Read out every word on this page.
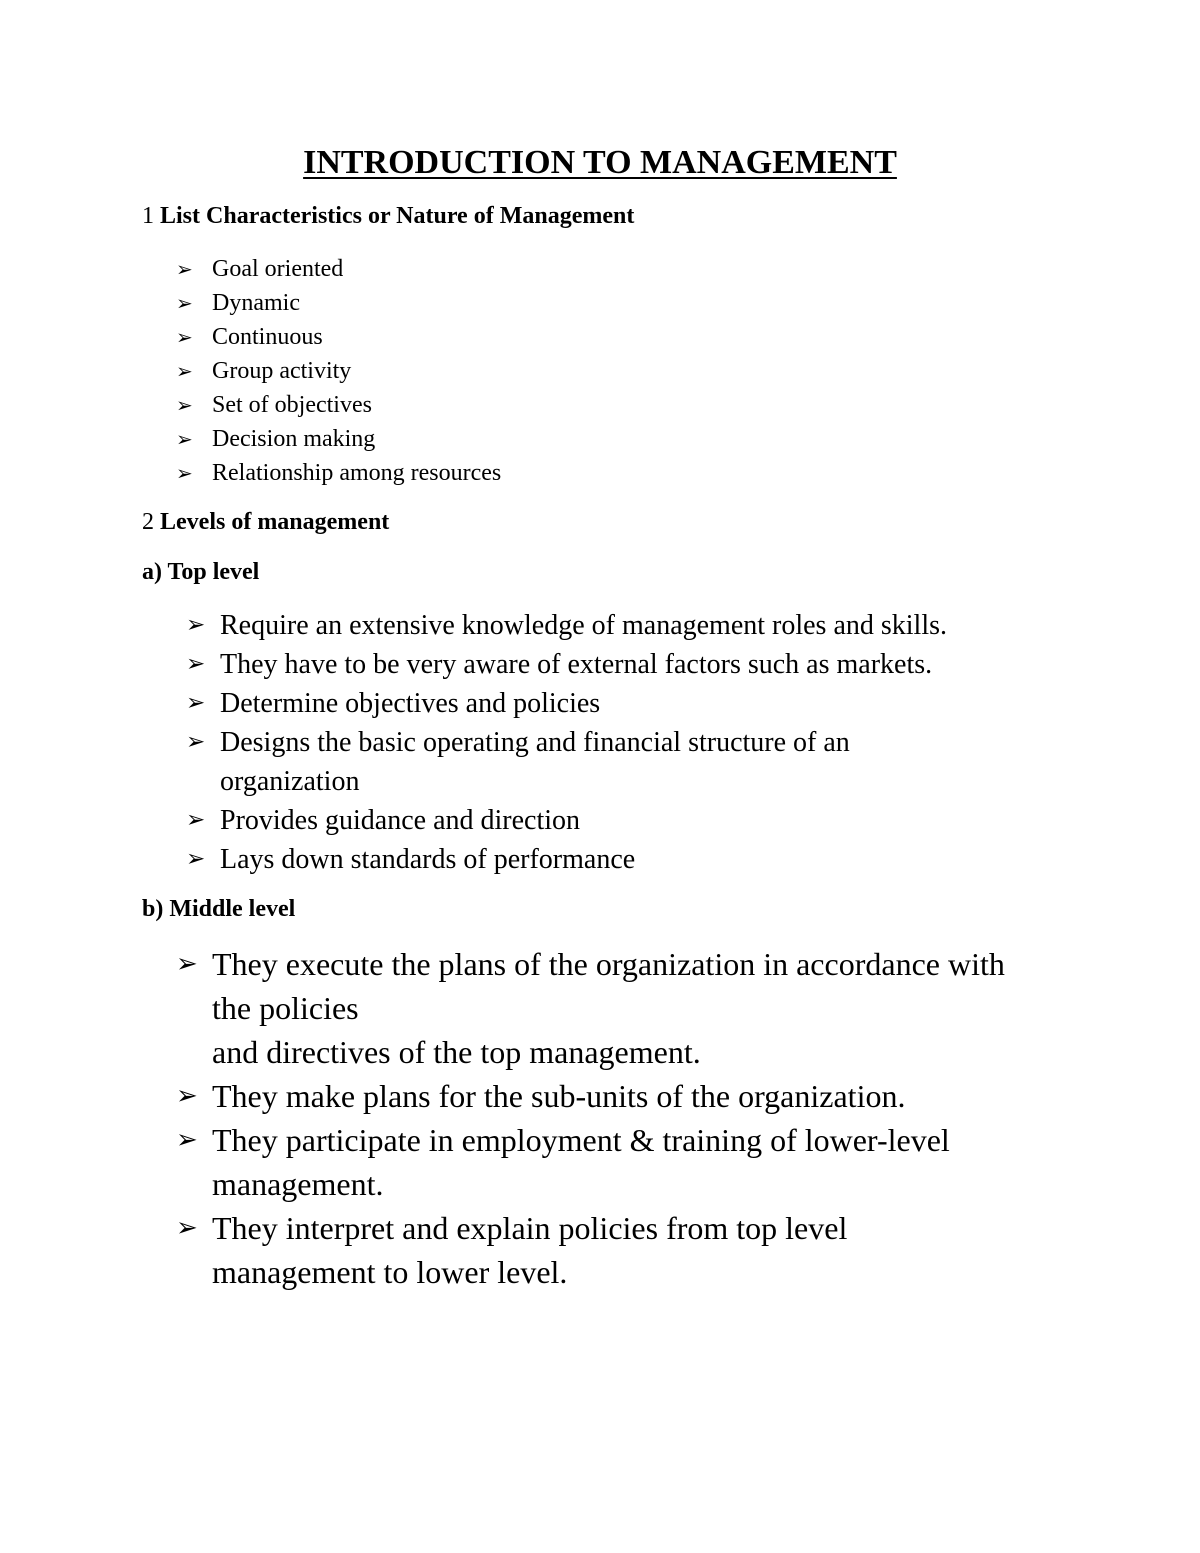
INTRODUCTION TO MANAGEMENT

1 List Characteristics or Nature of Management

➢ Goal oriented
➢ Dynamic
➢ Continuous
➢ Group activity
➢ Set of objectives
➢ Decision making
➢ Relationship among resources

2 Levels of management

a) Top level

➢ Require an extensive knowledge of management roles and skills.
➢ They have to be very aware of external factors such as markets.
➢ Determine objectives and policies
➢ Designs the basic operating and financial structure of an organization
➢ Provides guidance and direction
➢ Lays down standards of performance

b) Middle level

➢ They execute the plans of the organization in accordance with the policies
and directives of the top management.
➢ They make plans for the sub-units of the organization.
➢ They participate in employment & training of lower-level management.
➢ They interpret and explain policies from top level management to lower level.
